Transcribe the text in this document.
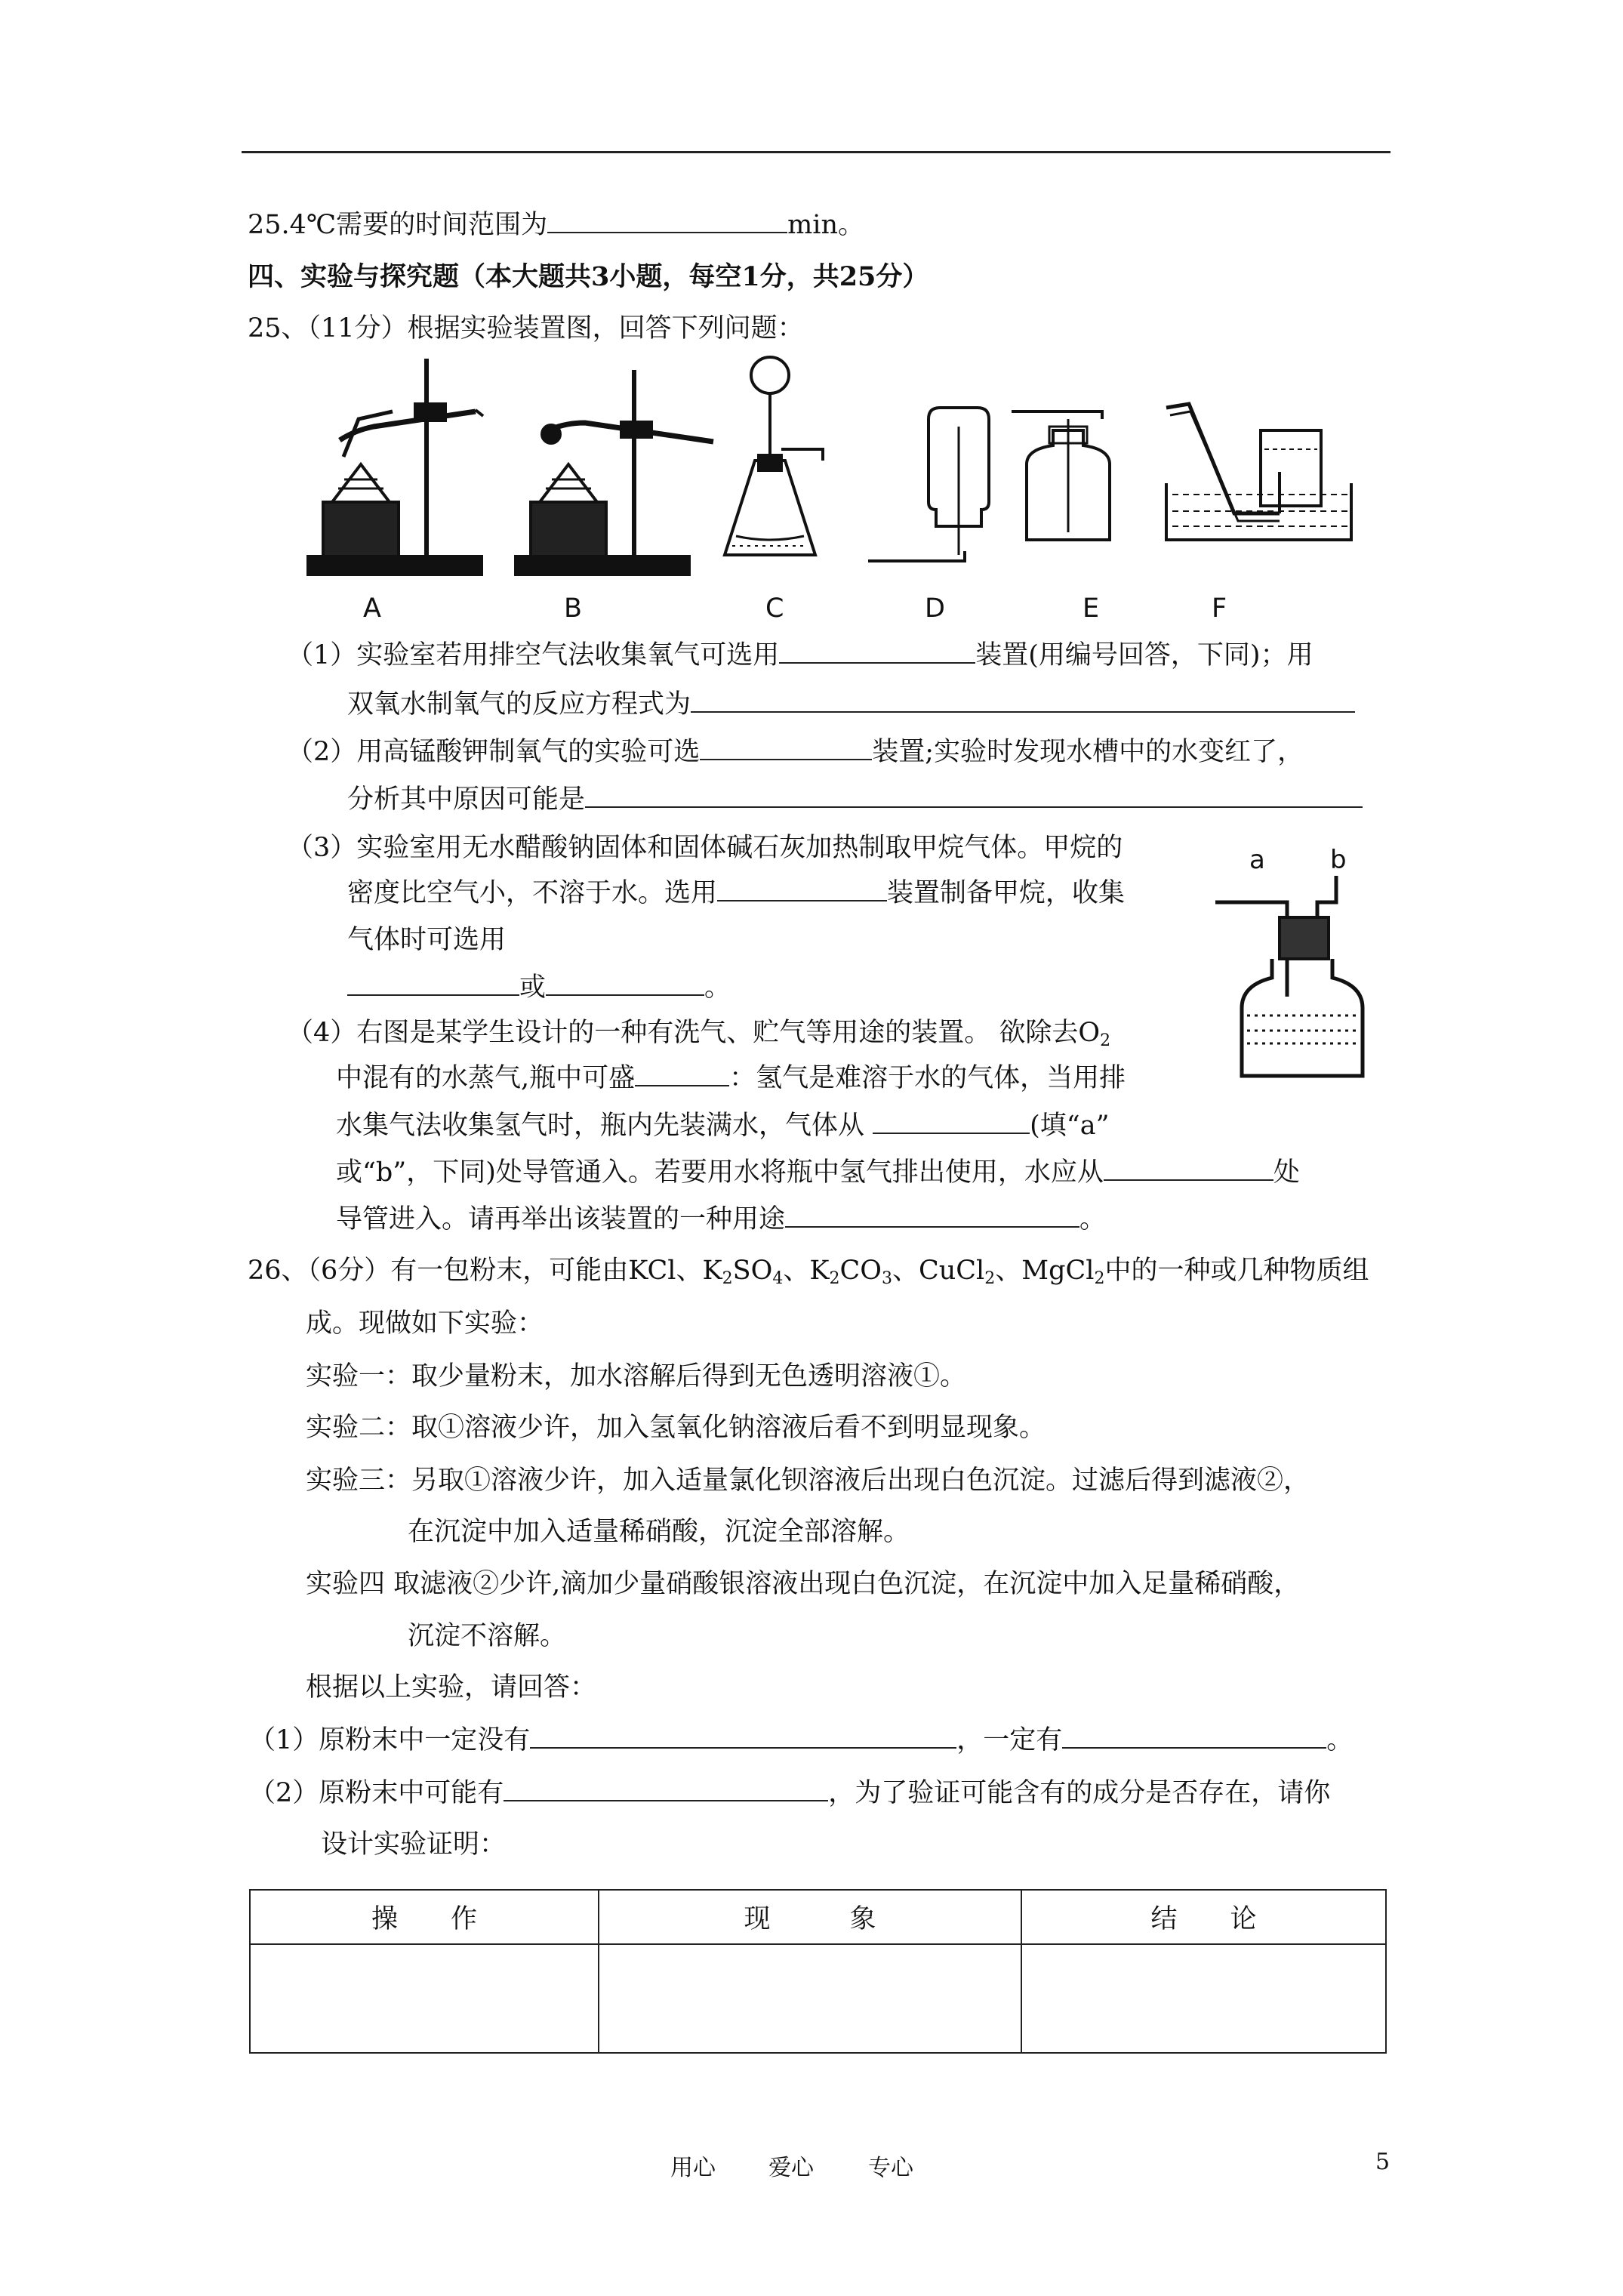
25.4℃需要的时间范围为	min。
四、实验与探究题（本大题共3小题，每空1分，共25分）
25、（11分）根据实验装置图，回答下列问题：
A	B	C	D	E	F
（1）实验室若用排空气法收集氧气可选用	装置(用编号回答，下同)；用
双氧水制氧气的反应方程式为
（2）用高锰酸钾制氧气的实验可选	装置;实验时发现水槽中的水变红了，
分析其中原因可能是
（3）实验室用无水醋酸钠固体和固体碱石灰加热制取甲烷气体。甲烷的
密度比空气小，不溶于水。选用	装置制备甲烷，收集
气体时可选用
或	。
a	b
（4）右图是某学生设计的一种有洗气、贮气等用途的装置。 欲除去$O_2$
中混有的水蒸气,瓶中可盛	：氢气是难溶于水的气体，当用排
水集气法收集氢气时，瓶内先装满水，气体从	(填“a”
或“b”，下同)处导管通入。若要用水将瓶中氢气排出使用，水应从	处
导管进入。请再举出该装置的一种用途	。
26、（6分）有一包粉末，可能由KCl、$K_2SO_4$、$K_2CO_3$、CuCl$_2$、MgCl$_2$中的一种或几种物质组
成。现做如下实验：
实验一：取少量粉末，加水溶解后得到无色透明溶液①。
实验二：取①溶液少许，加入氢氧化钠溶液后看不到明显现象。
实验三：另取①溶液少许，加入适量氯化钡溶液后出现白色沉淀。过滤后得到滤液②，
在沉淀中加入适量稀硝酸，沉淀全部溶解。
实验四 取滤液②少许,滴加少量硝酸银溶液出现白色沉淀，在沉淀中加入足量稀硝酸，
沉淀不溶解。
根据以上实验，请回答：
（1）原粉末中一定没有	，一定有	。
（2）原粉末中可能有	，为了验证可能含有的成分是否存在，请你
设计实验证明：
操　　作	现　　　象	结　　论

用心 爱心 专心	5
